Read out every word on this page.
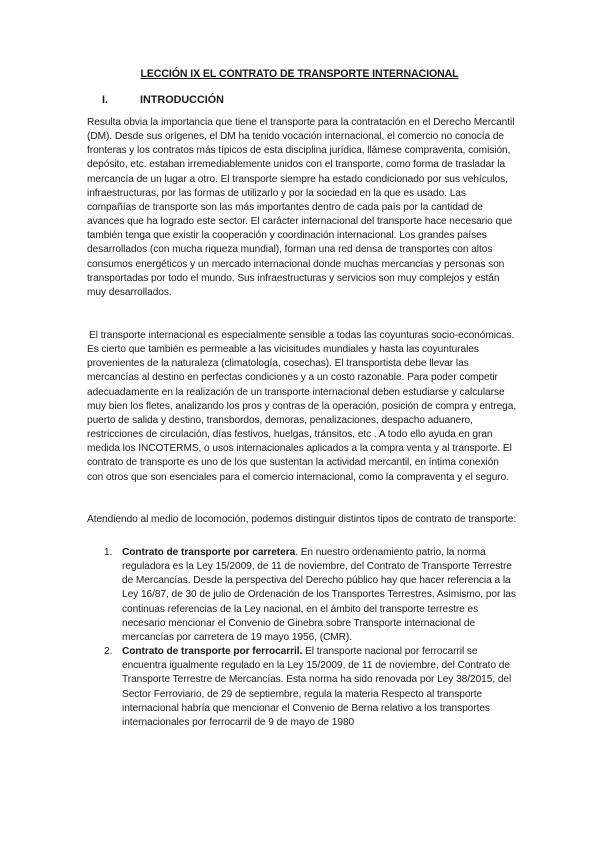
LECCIÓN IX EL CONTRATO DE TRANSPORTE INTERNACIONAL
I.	INTRODUCCIÓN

Resulta obvia la importancia que tiene el transporte para la contratación en el Derecho Mercantil (DM). Desde sus orígenes, el DM ha tenido vocación internacional, el comercio no conocía de fronteras y los contratos más típicos de esta disciplina jurídica, llámese compraventa, comisión, depósito, etc. estaban irremediablemente unidos con el transporte, como forma de trasladar la mercancía de un lugar a otro. El transporte siempre ha estado condicionado por sus vehículos, infraestructuras, por las formas de utilizarlo y por la sociedad en la que es usado. Las compañías de transporte son las más importantes dentro de cada país por la cantidad de avances que ha logrado este sector. El carácter internacional del transporte hace necesario que también tenga que existir la cooperación y coordinación internacional. Los grandes países desarrollados (con mucha riqueza mundial), forman una red densa de transportes con altos consumos energéticos y un mercado internacional donde muchas mercancías y personas son transportadas por todo el mundo. Sus infraestructuras y servicios son muy complejos y están muy desarrollados.

El transporte internacional es especialmente sensible a todas las coyunturas socio-económicas. Es cierto que también es permeable a las vicisitudes mundiales y hasta las coyunturales provenientes de la naturaleza (climatología, cosechas). El transportista debe llevar las mercancías al destino en perfectas condiciones y a un costo razonable. Para poder competir adecuadamente en la realización de un transporte internacional deben estudiarse y calcularse muy bien los fletes, analizando los pros y contras de la operación, posición de compra y entrega, puerto de salida y destino, transbordos, demoras, penalizaciones, despacho aduanero, restricciones de circulación, días festivos, huelgas, tránsitos, etc . A todo ello ayuda en gran medida los INCOTERMS, o usos internacionales aplicados a la compra venta y al transporte. El contrato de transporte es uno de los que sustentan la actividad mercantil, en íntima conexión con otros que son esenciales para el comercio internacional, como la compraventa y el seguro.

Atendiendo al medio de locomoción, podemos distinguir distintos tipos de contrato de transporte:

1. Contrato de transporte por carretera. En nuestro ordenamiento patrio, la norma reguladora es la Ley 15/2009, de 11 de noviembre, del Contrato de Transporte Terrestre de Mercancías. Desde la perspectiva del Derecho público hay que hacer referencia a la Ley 16/87, de 30 de julio de Ordenación de los Transportes Terrestres, Asimismo, por las continuas referencias de la Ley nacional, en el ámbito del transporte terrestre es necesario mencionar el Convenio de Ginebra sobre Transporte internacional de mercancías por carretera de 19 mayo 1956, (CMR).
2. Contrato de transporte por ferrocarril. El transporte nacional por ferrocarril se encuentra igualmente regulado en la Ley 15/2009, de 11 de noviembre, del Contrato de Transporte Terrestre de Mercancías. Esta norma ha sido renovada por Ley 38/2015, del Sector Ferroviario, de 29 de septiembre, regula la materia Respecto al transporte internacional habría que mencionar el Convenio de Berna relativo a los transportes internacionales por ferrocarril de 9 de mayo de 1980
